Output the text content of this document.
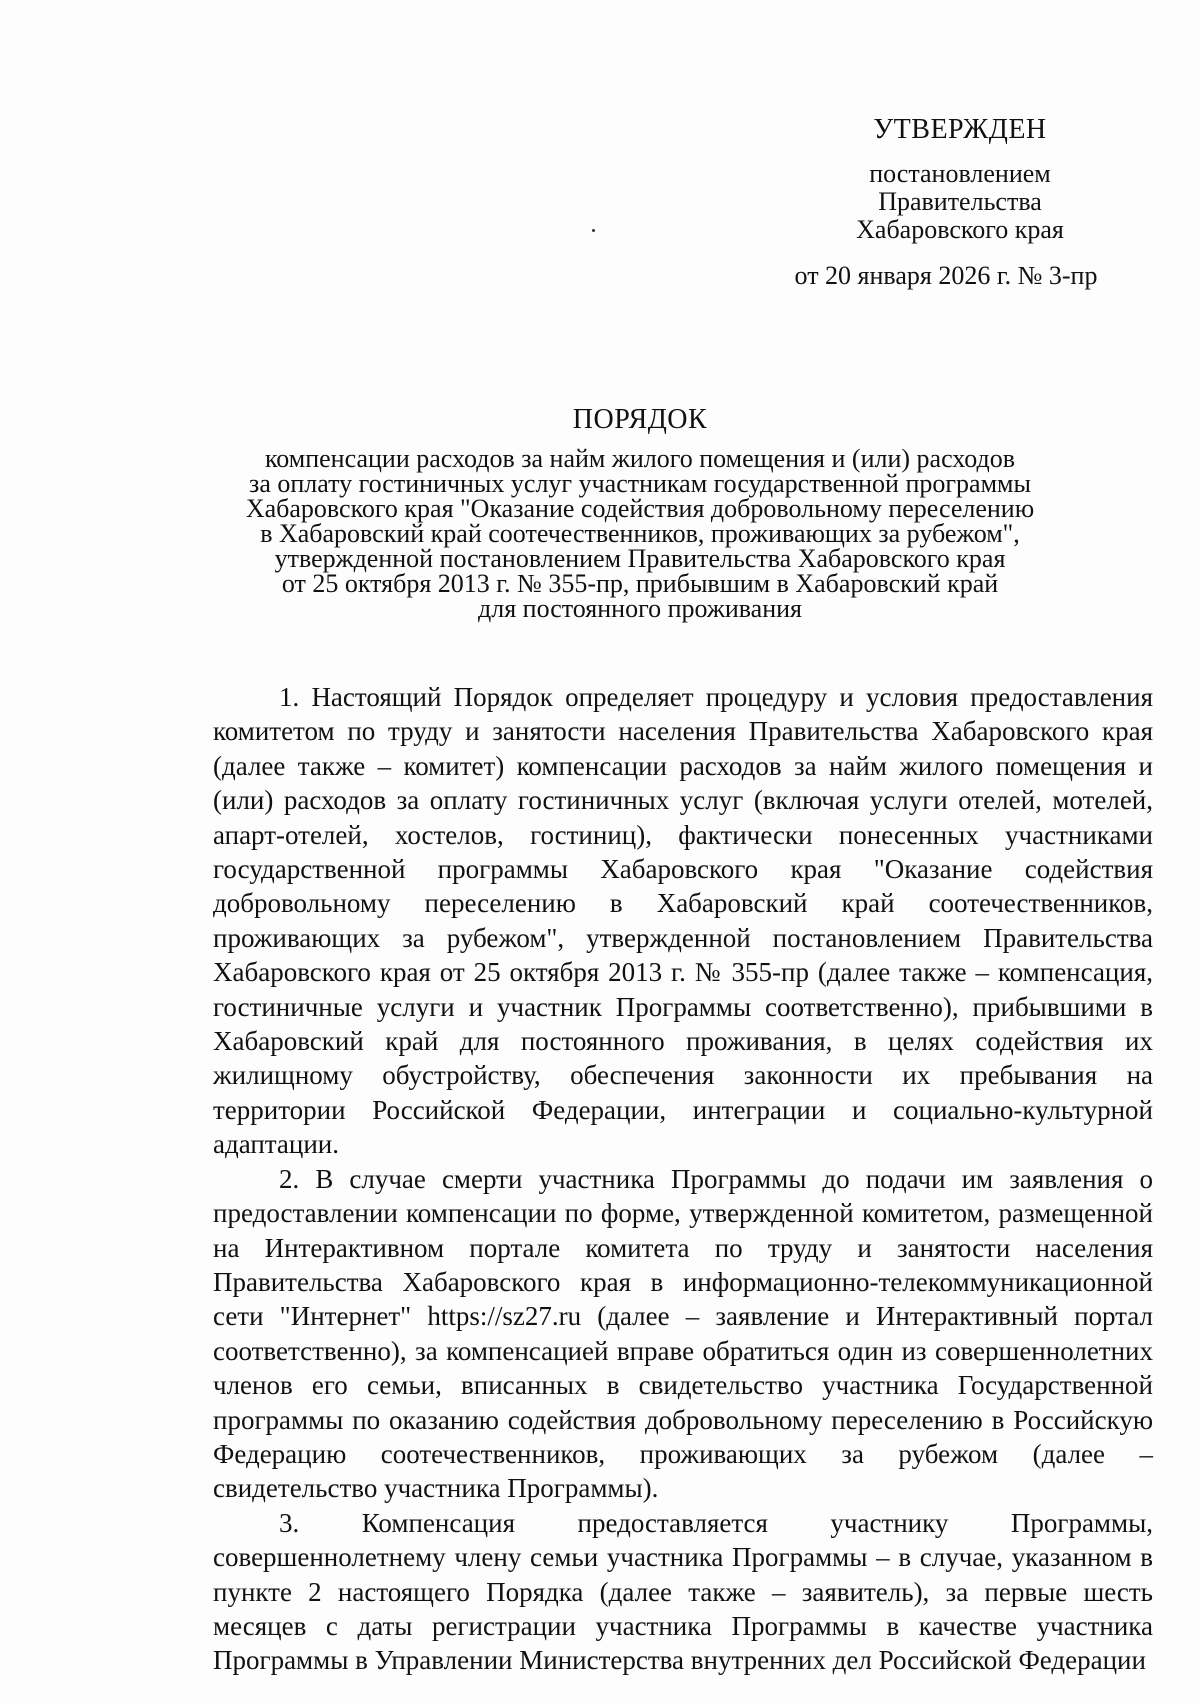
УТВЕРЖДЕН
постановлением
Правительства
Хабаровского края
от 20 января 2026 г. № 3-пр
ПОРЯДОК
компенсации расходов за найм жилого помещения и (или) расходов
за оплату гостиничных услуг участникам государственной программы
Хабаровского края "Оказание содействия добровольному переселению
в Хабаровский край соотечественников, проживающих за рубежом",
утвержденной постановлением Правительства Хабаровского края
от 25 октября 2013 г. № 355-пр, прибывшим в Хабаровский край
для постоянного проживания

1. Настоящий Порядок определяет процедуру и условия предоставления комитетом по труду и занятости населения Правительства Хабаровского края (далее также – комитет) компенсации расходов за найм жилого помещения и (или) расходов за оплату гостиничных услуг (включая услуги отелей, мотелей, апарт-отелей, хостелов, гостиниц), фактически понесенных участниками государственной программы Хабаровского края "Оказание содействия добровольному переселению в Хабаровский край соотечественников, проживающих за рубежом", утвержденной постановлением Правительства Хабаровского края от 25 октября 2013 г. № 355-пр (далее также – компенсация, гостиничные услуги и участник Программы соответственно), прибывшими в Хабаровский край для постоянного проживания, в целях содействия их жилищному обустройству, обеспечения законности их пребывания на территории Российской Федерации, интеграции и социально-культурной адаптации.

2. В случае смерти участника Программы до подачи им заявления о предоставлении компенсации по форме, утвержденной комитетом, размещенной на Интерактивном портале комитета по труду и занятости населения Правительства Хабаровского края в информационно-телекоммуникационной сети "Интернет" https://sz27.ru (далее – заявление и Интерактивный портал соответственно), за компенсацией вправе обратиться один из совершеннолетних членов его семьи, вписанных в свидетельство участника Государственной программы по оказанию содействия добровольному переселению в Российскую Федерацию соотечественников, проживающих за рубежом (далее – свидетельство участника Программы).

3. Компенсация предоставляется участнику Программы, совершеннолетнему члену семьи участника Программы – в случае, указанном в пункте 2 настоящего Порядка (далее также – заявитель), за первые шесть месяцев с даты регистрации участника Программы в качестве участника Программы в Управлении Министерства внутренних дел Российской Федерации
